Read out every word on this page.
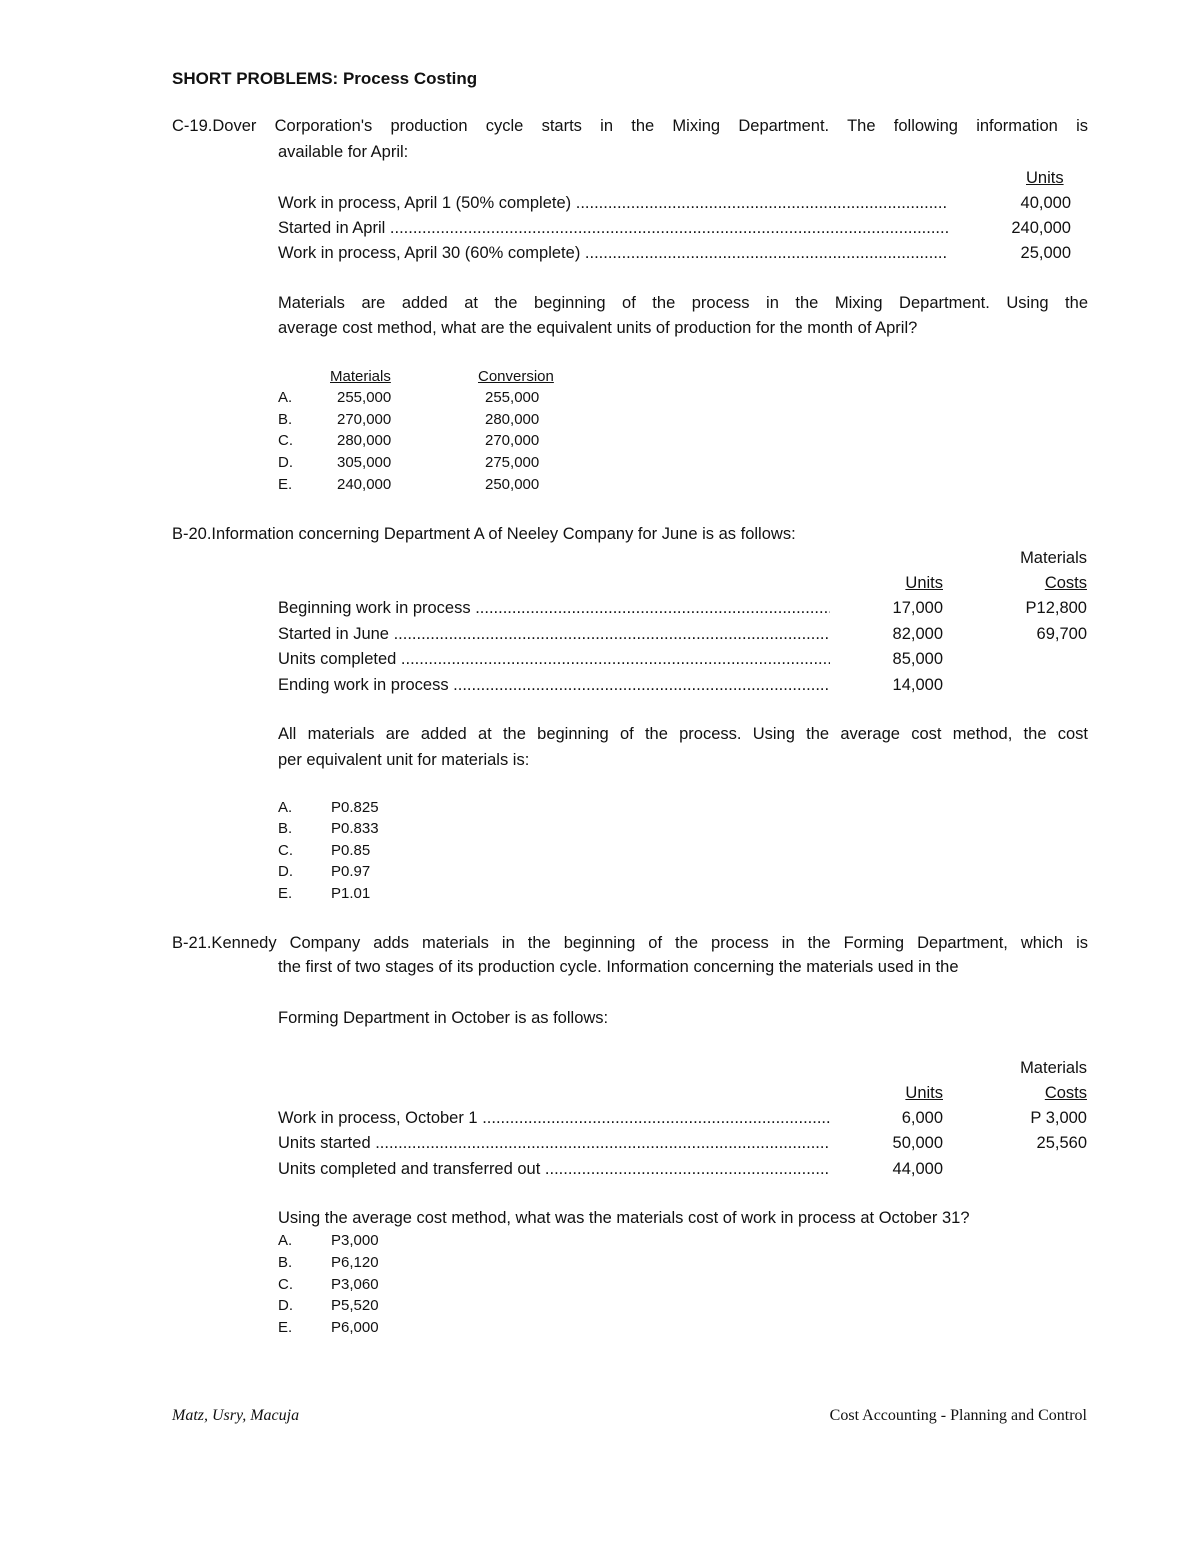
SHORT PROBLEMS: Process Costing
C-19.Dover Corporation's production cycle starts in the Mixing Department. The following information is
available for April:
Units
Work in process, April 1 (50% complete) .....	40,000
Started in April .....	240,000
Work in process, April 30 (60% complete) .....	25,000
Materials are added at the beginning of the process in the Mixing Department. Using the
average cost method, what are the equivalent units of production for the month of April?
Materials	Conversion
A.	255,000	255,000
B.	270,000	280,000
C.	280,000	270,000
D.	305,000	275,000
E.	240,000	250,000
B-20.Information concerning Department A of Neeley Company for June is as follows:
Materials
Units	Costs
Beginning work in process .....	17,000	P12,800
Started in June .....	82,000	69,700
Units completed .....	85,000
Ending work in process .....	14,000
All materials are added at the beginning of the process. Using the average cost method, the cost
per equivalent unit for materials is:
A.	P0.825
B.	P0.833
C.	P0.85
D.	P0.97
E.	P1.01
B-21.Kennedy Company adds materials in the beginning of the process in the Forming Department, which is
the first of two stages of its production cycle. Information concerning the materials used in the
Forming Department in October is as follows:
Materials
Units	Costs
Work in process, October 1 .....	6,000	P 3,000
Units started .....	50,000	25,560
Units completed and transferred out .....	44,000
Using the average cost method, what was the materials cost of work in process at October 31?
A.	P3,000
B.	P6,120
C.	P3,060
D.	P5,520
E.	P6,000
Matz, Usry, Macuja	Cost Accounting - Planning and Control
